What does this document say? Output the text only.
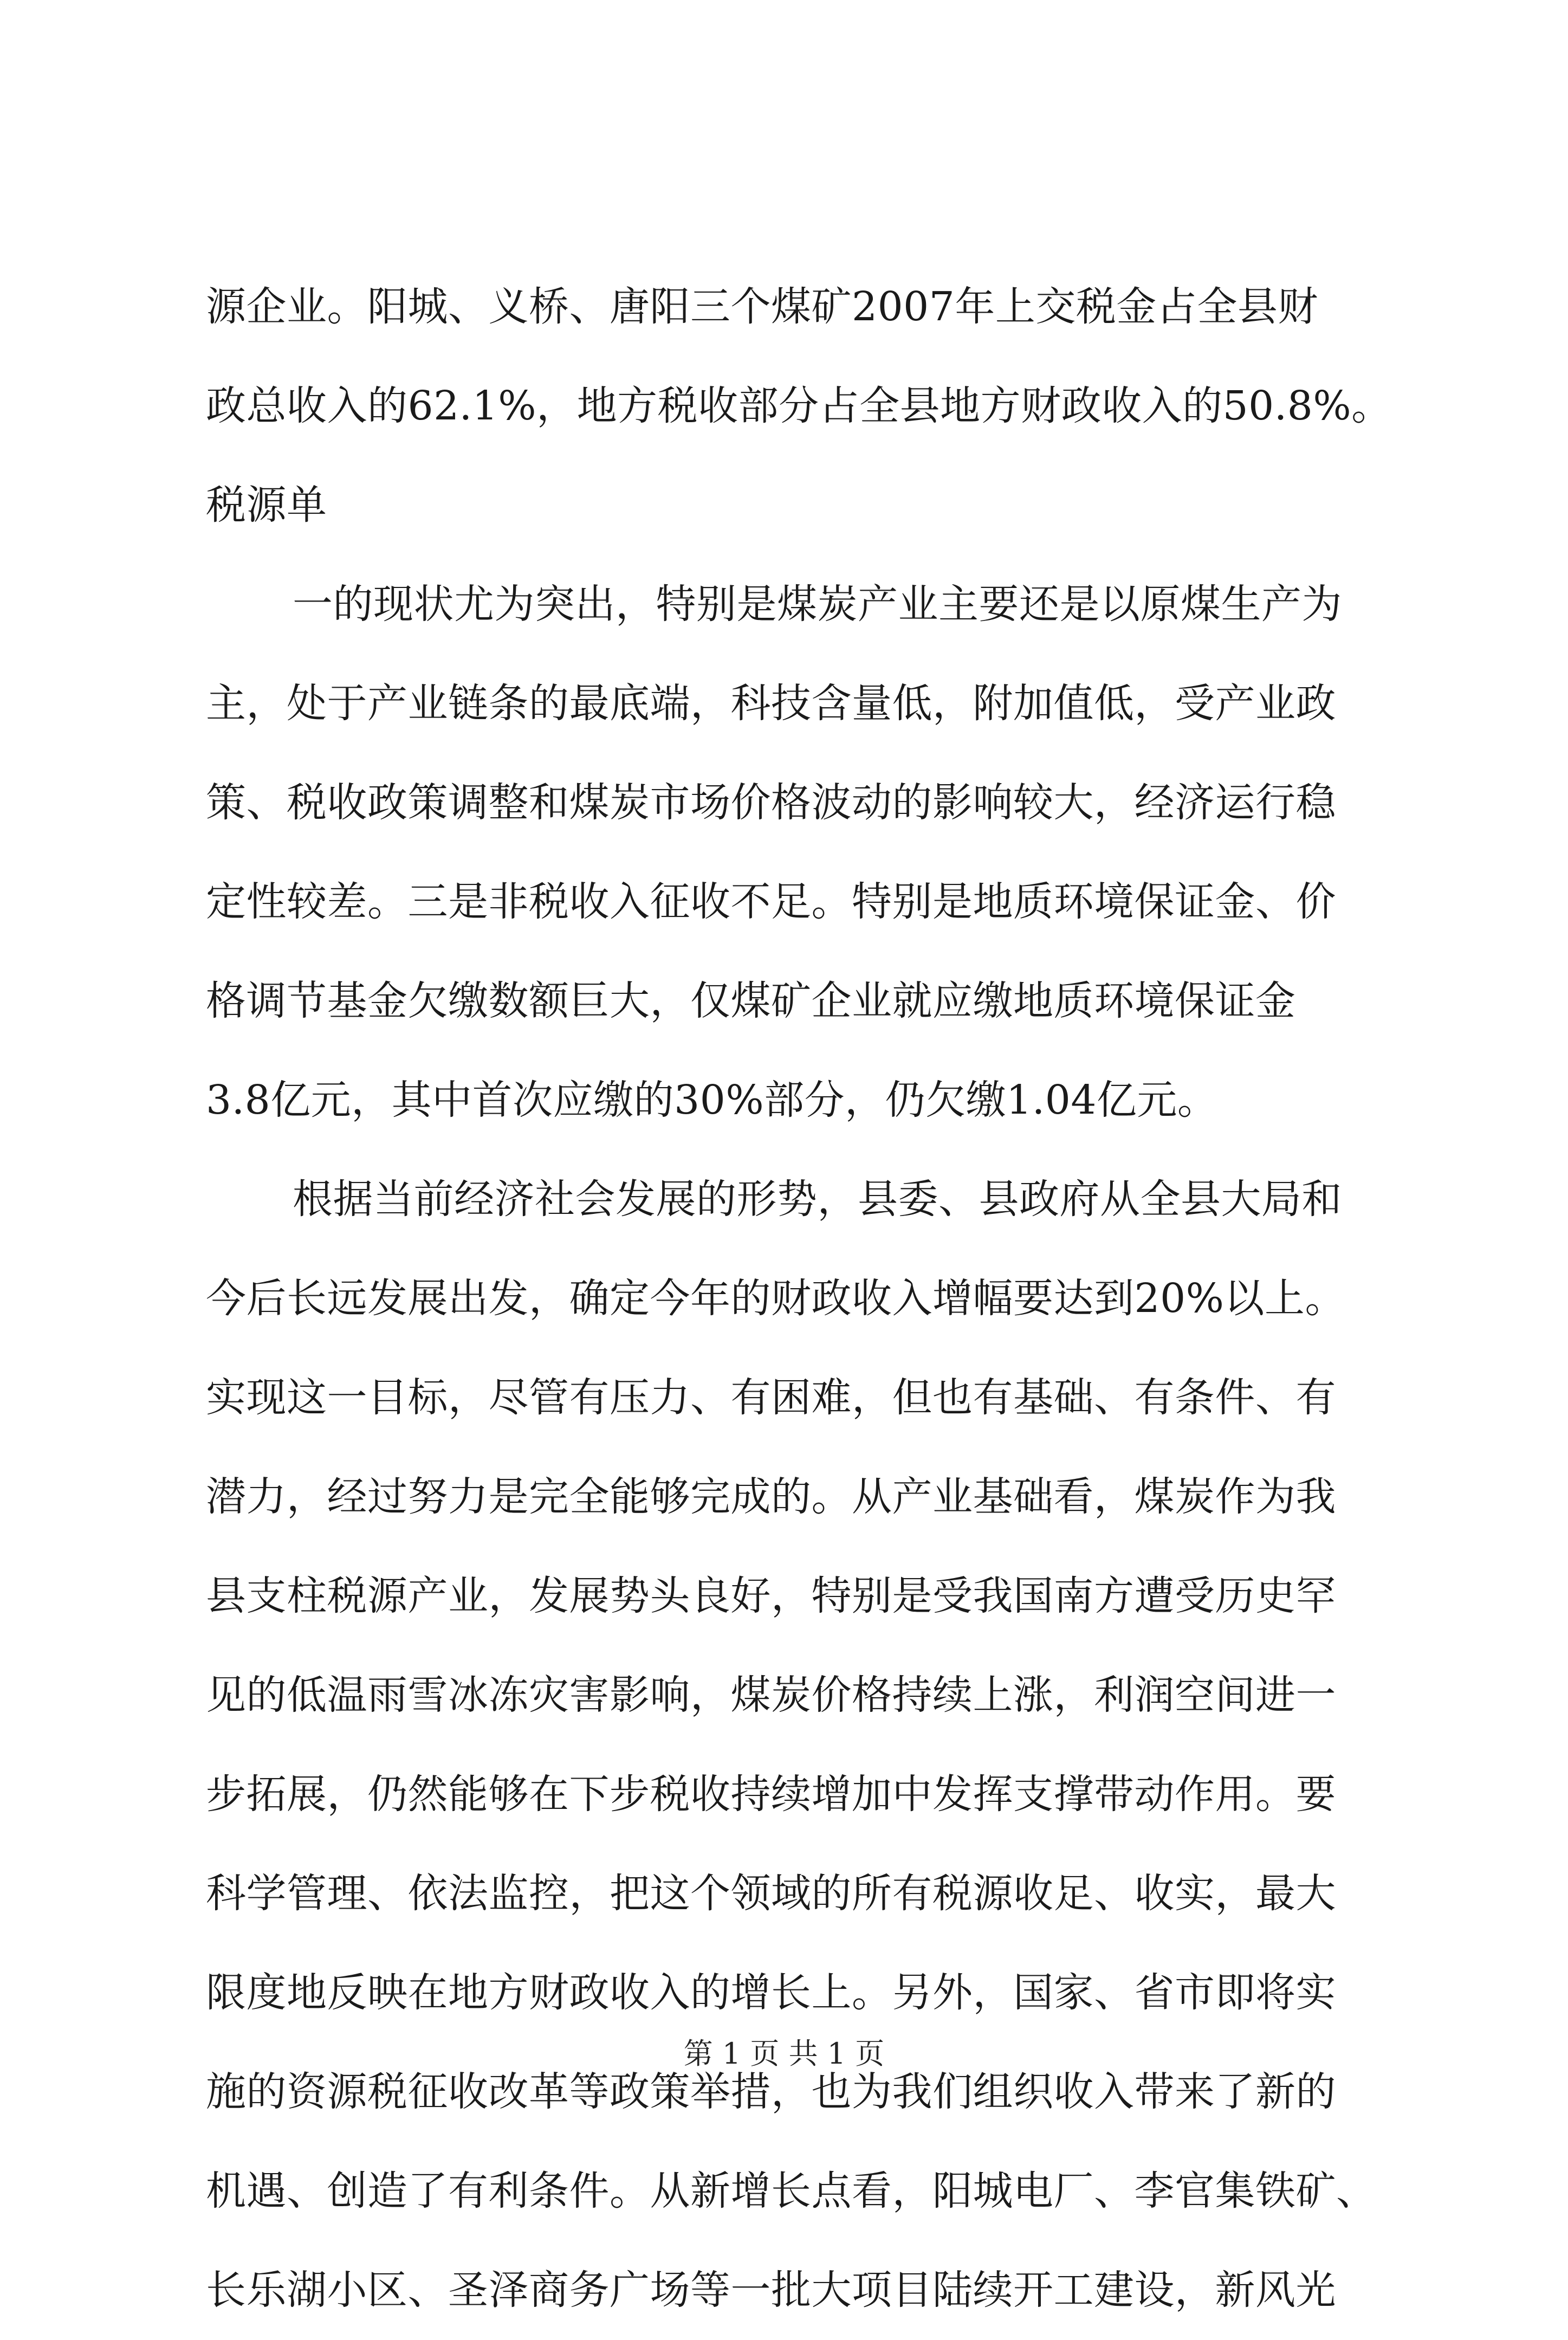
源企业。阳城、义桥、唐阳三个煤矿2007年上交税金占全县财
政总收入的62.1%，地方税收部分占全县地方财政收入的50.8%。
税源单
一的现状尤为突出，特别是煤炭产业主要还是以原煤生产为
主，处于产业链条的最底端，科技含量低，附加值低，受产业政
策、税收政策调整和煤炭市场价格波动的影响较大，经济运行稳
定性较差。三是非税收入征收不足。特别是地质环境保证金、价
格调节基金欠缴数额巨大，仅煤矿企业就应缴地质环境保证金
3.8亿元，其中首次应缴的30%部分，仍欠缴1.04亿元。
根据当前经济社会发展的形势，县委、县政府从全县大局和
今后长远发展出发，确定今年的财政收入增幅要达到20%以上。
实现这一目标，尽管有压力、有困难，但也有基础、有条件、有
潜力，经过努力是完全能够完成的。从产业基础看，煤炭作为我
县支柱税源产业，发展势头良好，特别是受我国南方遭受历史罕
见的低温雨雪冰冻灾害影响，煤炭价格持续上涨，利润空间进一
步拓展，仍然能够在下步税收持续增加中发挥支撑带动作用。要
科学管理、依法监控，把这个领域的所有税源收足、收实，最大
限度地反映在地方财政收入的增长上。另外，国家、省市即将实
施的资源税征收改革等政策举措，也为我们组织收入带来了新的
机遇、创造了有利条件。从新增长点看，阳城电厂、李官集铁矿、
长乐湖小区、圣泽商务广场等一批大项目陆续开工建设，新风光
第 1 页 共 1 页
